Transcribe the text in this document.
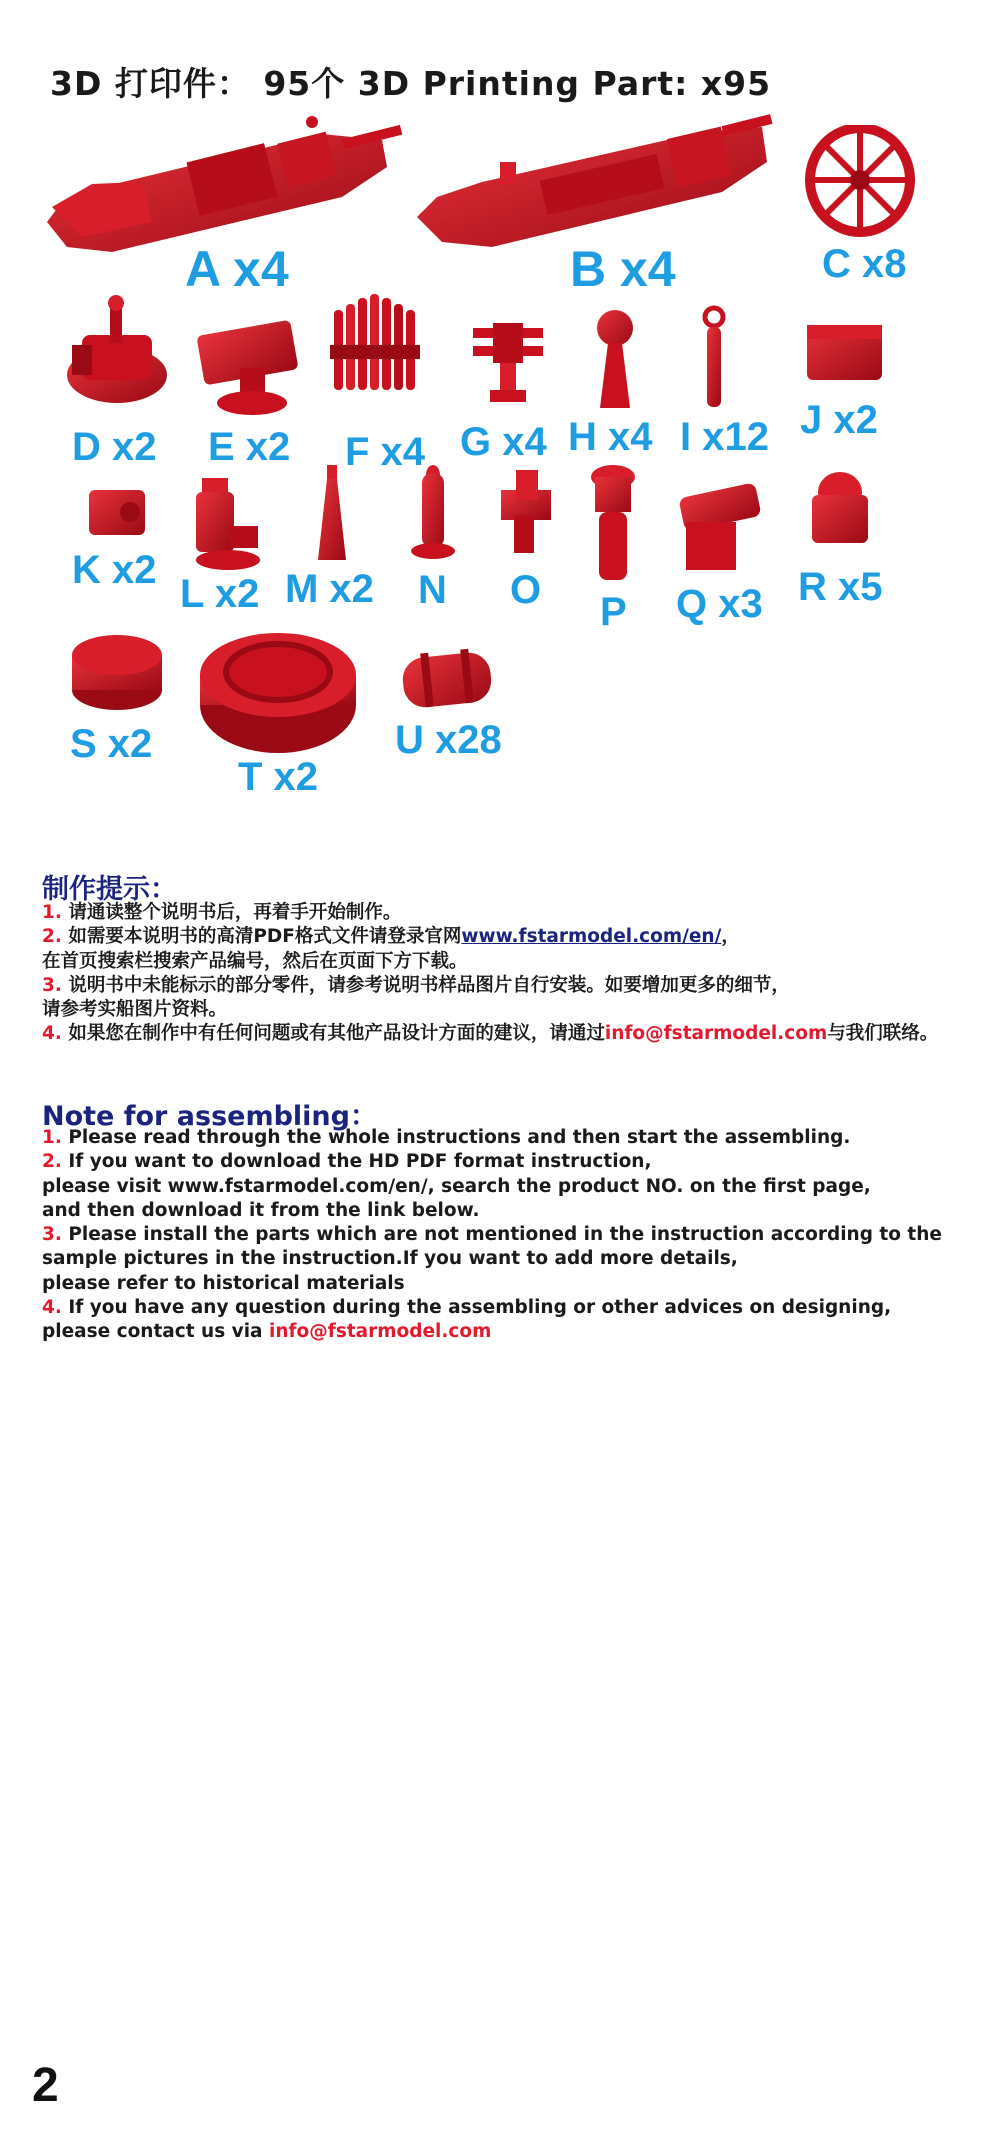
3D 打印件： 95个 3D Printing Part: x95
A x4	B x4	C x8
D x2 E x2 F x4 G x4 H x4 I x12 J x2
K x2
L x2 M x2 N O P Q x3 R x5
S x2
T x2
U x28
制作提示：
1. 请通读整个说明书后，再着手开始制作。
2. 如需要本说明书的高清PDF格式文件请登录官网www.fstarmodel.com/en/，
在首页搜索栏搜索产品编号，然后在页面下方下载。
3. 说明书中未能标示的部分零件，请参考说明书样品图片自行安装。如要增加更多的细节，
请参考实船图片资料。
4. 如果您在制作中有任何问题或有其他产品设计方面的建议，请通过info@fstarmodel.com与我们联络。
Note for assembling：
1. Please read through the whole instructions and then start the assembling.
2. If you want to download the HD PDF format instruction,
please visit www.fstarmodel.com/en/, search the product NO. on the first page,
and then download it from the link below.
3. Please install the parts which are not mentioned in the instruction according to the
sample pictures in the instruction.If you want to add more details,
please refer to historical materials
4. If you have any question during the assembling or other advices on designing,
please contact us via info@fstarmodel.com
2
